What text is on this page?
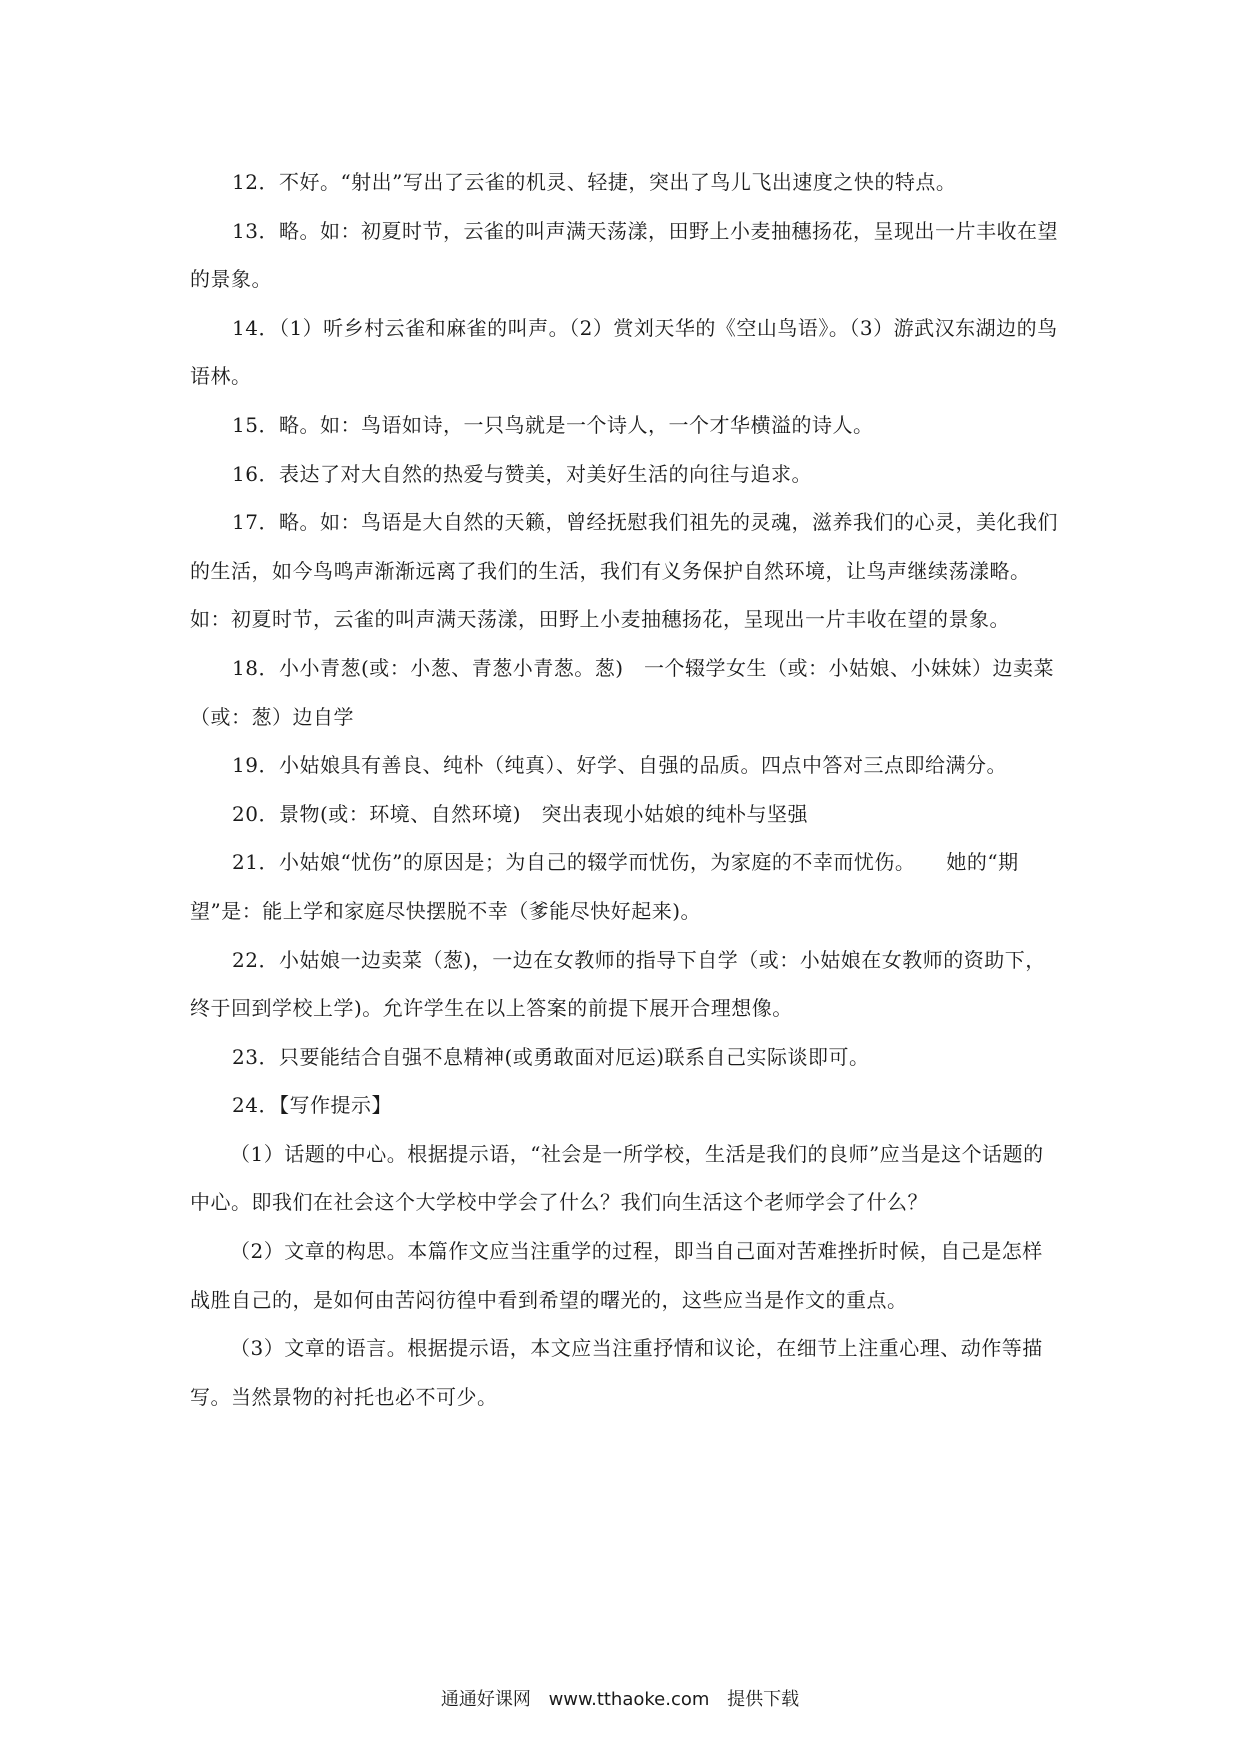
12．不好。“射出”写出了云雀的机灵、轻捷，突出了鸟儿飞出速度之快的特点。

13．略。如：初夏时节，云雀的叫声满天荡漾，田野上小麦抽穗扬花，呈现出一片丰收在望的景象。

14．（1）听乡村云雀和麻雀的叫声。（2）赏刘天华的《空山鸟语》。（3）游武汉东湖边的鸟语林。

15．略。如：鸟语如诗，一只鸟就是一个诗人，一个才华横溢的诗人。

16．表达了对大自然的热爱与赞美，对美好生活的向往与追求。

17．略。如：鸟语是大自然的天籁，曾经抚慰我们祖先的灵魂，滋养我们的心灵，美化我们的生活，如今鸟鸣声渐渐远离了我们的生活，我们有义务保护自然环境，让鸟声继续荡漾略。如：初夏时节，云雀的叫声满天荡漾，田野上小麦抽穗扬花，呈现出一片丰收在望的景象。

18．小小青葱(或：小葱、青葱小青葱。葱)　一个辍学女生（或：小姑娘、小妹妹）边卖菜（或：葱）边自学

19．小姑娘具有善良、纯朴（纯真）、好学、自强的品质。四点中答对三点即给满分。

20．景物(或：环境、自然环境)　突出表现小姑娘的纯朴与坚强

21．小姑娘“忧伤”的原因是；为自己的辍学而忧伤，为家庭的不幸而忧伤。　　她的“期望”是：能上学和家庭尽快摆脱不幸（爹能尽快好起来)。

22．小姑娘一边卖菜（葱)，一边在女教师的指导下自学（或：小姑娘在女教师的资助下，终于回到学校上学)。允许学生在以上答案的前提下展开合理想像。

23．只要能结合自强不息精神(或勇敢面对厄运)联系自己实际谈即可。

24．【写作提示】

（1）话题的中心。根据提示语，“社会是一所学校，生活是我们的良师”应当是这个话题的中心。即我们在社会这个大学校中学会了什么？我们向生活这个老师学会了什么？

（2）文章的构思。本篇作文应当注重学的过程，即当自己面对苦难挫折时候，自己是怎样战胜自己的，是如何由苦闷彷徨中看到希望的曙光的，这些应当是作文的重点。

（3）文章的语言。根据提示语，本文应当注重抒情和议论，在细节上注重心理、动作等描写。当然景物的衬托也必不可少。

通通好课网 www.tthaoke.com 提供下载
